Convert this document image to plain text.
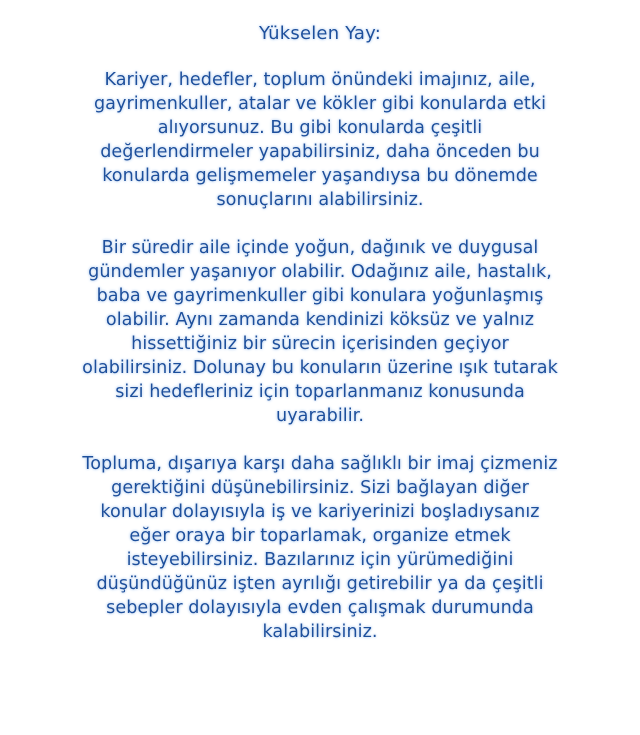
Yükselen Yay:
Kariyer, hedefler, toplum önündeki imajınız, aile,
gayrimenkuller, atalar ve kökler gibi konularda etki
alıyorsunuz. Bu gibi konularda çeşitli
değerlendirmeler yapabilirsiniz, daha önceden bu
konularda gelişmemeler yaşandıysa bu dönemde
sonuçlarını alabilirsiniz.
Bir süredir aile içinde yoğun, dağınık ve duygusal
gündemler yaşanıyor olabilir. Odağınız aile, hastalık,
baba ve gayrimenkuller gibi konulara yoğunlaşmış
olabilir. Aynı zamanda kendinizi köksüz ve yalnız
hissettiğiniz bir sürecin içerisinden geçiyor
olabilirsiniz. Dolunay bu konuların üzerine ışık tutarak
sizi hedefleriniz için toparlanmanız konusunda
uyarabilir.
Topluma, dışarıya karşı daha sağlıklı bir imaj çizmeniz
gerektiğini düşünebilirsiniz. Sizi bağlayan diğer
konular dolayısıyla iş ve kariyerinizi boşladıysanız
eğer oraya bir toparlamak, organize etmek
isteyebilirsiniz. Bazılarınız için yürümediğini
düşündüğünüz işten ayrılığı getirebilir ya da çeşitli
sebepler dolayısıyla evden çalışmak durumunda
kalabilirsiniz.
